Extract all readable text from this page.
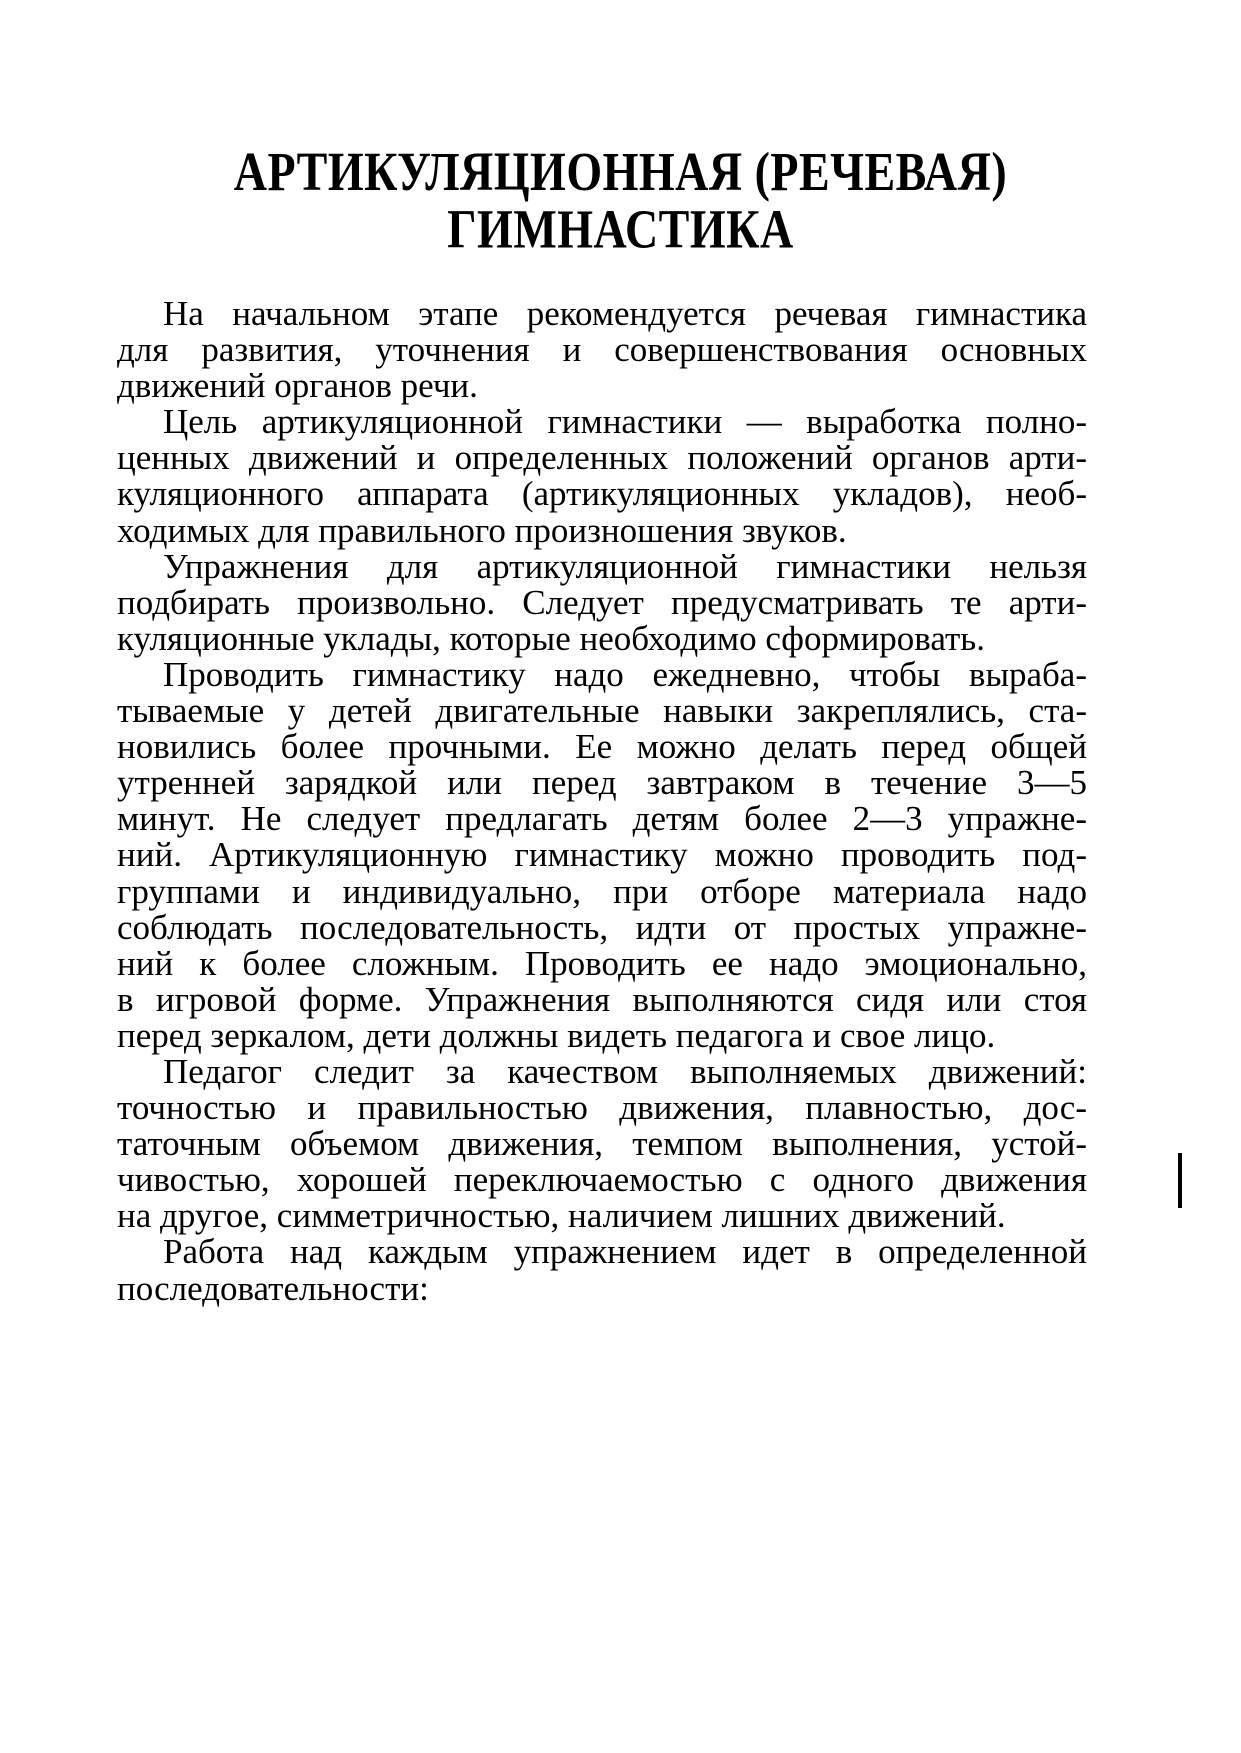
АРТИКУЛЯЦИОННАЯ (РЕЧЕВАЯ)
ГИМНАСТИКА

На начальном этапе рекомендуется речевая гимнастика
для развития, уточнения и совершенствования основных
движений органов речи.

Цель артикуляционной гимнастики — выработка полно-
ценных движений и определенных положений органов арти-
куляционного аппарата (артикуляционных укладов), необ-
ходимых для правильного произношения звуков.

Упражнения для артикуляционной гимнастики нельзя
подбирать произвольно. Следует предусматривать те арти-
куляционные уклады, которые необходимо сформировать.

Проводить гимнастику надо ежедневно, чтобы выраба-
тываемые у детей двигательные навыки закреплялись, ста-
новились более прочными. Ее можно делать перед общей
утренней зарядкой или перед завтраком в течение 3—5
минут. Не следует предлагать детям более 2—3 упражне-
ний. Артикуляционную гимнастику можно проводить под-
группами и индивидуально, при отборе материала надо
соблюдать последовательность, идти от простых упражне-
ний к более сложным. Проводить ее надо эмоционально,
в игровой форме. Упражнения выполняются сидя или стоя
перед зеркалом, дети должны видеть педагога и свое лицо.

Педагог следит за качеством выполняемых движений:
точностью и правильностью движения, плавностью, дос-
таточным объемом движения, темпом выполнения, устой-
чивостью, хорошей переключаемостью с одного движения
на другое, симметричностью, наличием лишних движений.

Работа над каждым упражнением идет в определенной
последовательности:
